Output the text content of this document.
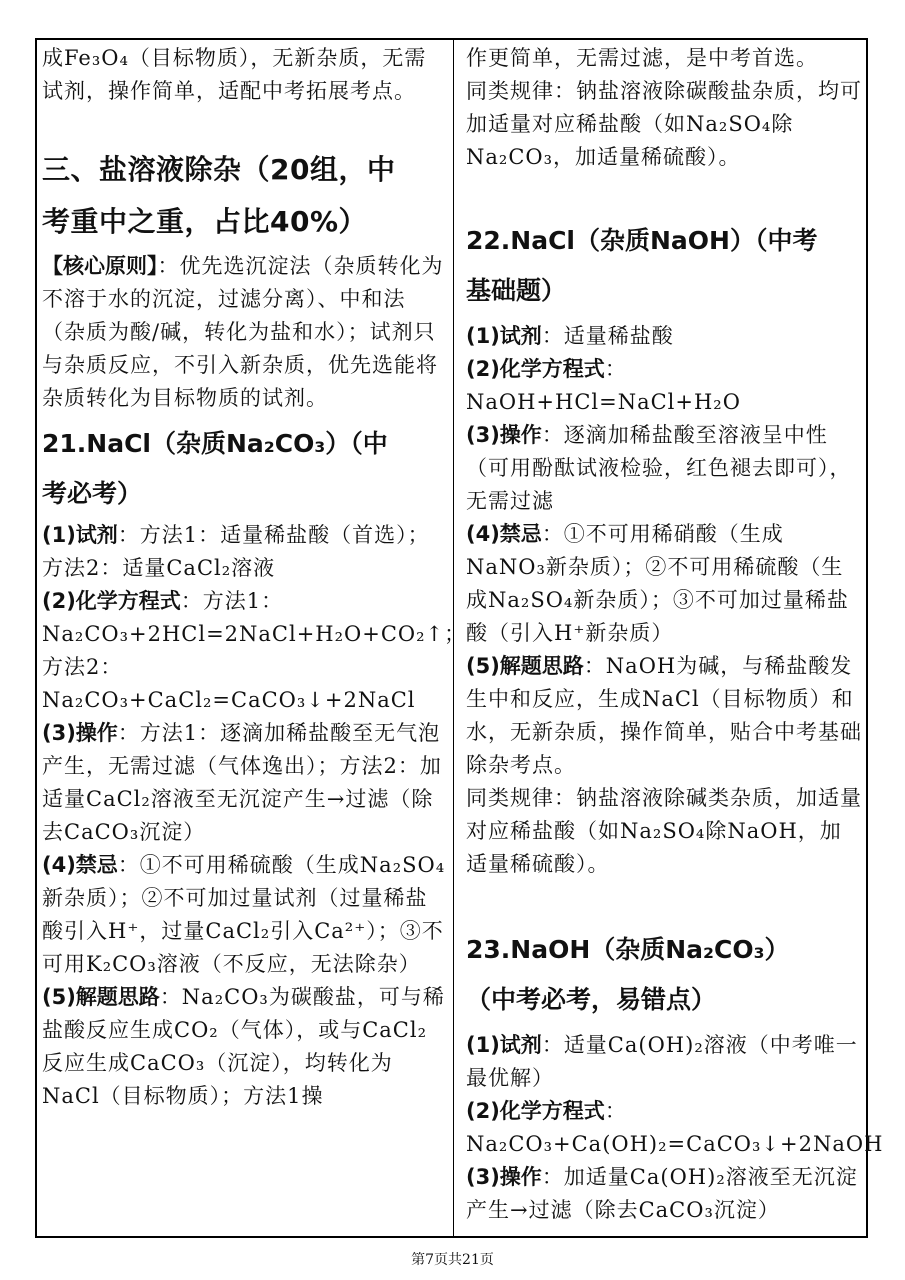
成Fe₃O₄（目标物质），无新杂质，无需试剂，操作简单，适配中考拓展考点。

三、盐溶液除杂（20组，中
考重中之重，占比40%）

【核心原则】：优先选沉淀法（杂质转化为不溶于水的沉淀，过滤分离）、中和法（杂质为酸/碱，转化为盐和水）；试剂只与杂质反应，不引入新杂质，优先选能将杂质转化为目标物质的试剂。

21.NaCl（杂质Na₂CO₃）（中
考必考）

(1)试剂：方法1：适量稀盐酸（首选）；方法2：适量CaCl₂溶液

(2)化学方程式：方法1：
Na₂CO₃+2HCl=2NaCl+H₂O+CO₂↑；方法2：Na₂CO₃+CaCl₂=CaCO₃↓+2NaCl

(3)操作：方法1：逐滴加稀盐酸至无气泡产生，无需过滤（气体逸出）；方法2：加适量CaCl₂溶液至无沉淀产生→过滤（除去CaCO₃沉淀）

(4)禁忌：①不可用稀硫酸（生成Na₂SO₄新杂质）；②不可加过量试剂（过量稀盐酸引入H⁺，过量CaCl₂引入Ca²⁺）；③不可用K₂CO₃溶液（不反应，无法除杂）

(5)解题思路：Na₂CO₃为碳酸盐，可与稀盐酸反应生成CO₂（气体），或与CaCl₂反应生成CaCO₃（沉淀），均转化为NaCl（目标物质）；方法1操

作更简单，无需过滤，是中考首选。

同类规律：钠盐溶液除碳酸盐杂质，均可加适量对应稀盐酸（如Na₂SO₄除Na₂CO₃，加适量稀硫酸）。

22.NaCl（杂质NaOH）（中考
基础题）

(1)试剂：适量稀盐酸

(2)化学方程式：NaOH+HCl=NaCl+H₂O

(3)操作：逐滴加稀盐酸至溶液呈中性（可用酚酞试液检验，红色褪去即可），无需过滤

(4)禁忌：①不可用稀硝酸（生成NaNO₃新杂质）；②不可用稀硫酸（生成Na₂SO₄新杂质）；③不可加过量稀盐酸（引入H⁺新杂质）

(5)解题思路：NaOH为碱，与稀盐酸发生中和反应，生成NaCl（目标物质）和水，无新杂质，操作简单，贴合中考基础除杂考点。

同类规律：钠盐溶液除碱类杂质，加适量对应稀盐酸（如Na₂SO₄除NaOH，加适量稀硫酸）。

23.NaOH（杂质Na₂CO₃）
（中考必考，易错点）

(1)试剂：适量Ca(OH)₂溶液（中考唯一最优解）

(2)化学方程式：
Na₂CO₃+Ca(OH)₂=CaCO₃↓+2NaOH

(3)操作：加适量Ca(OH)₂溶液至无沉淀产生→过滤（除去CaCO₃沉淀）

第7页共21页
